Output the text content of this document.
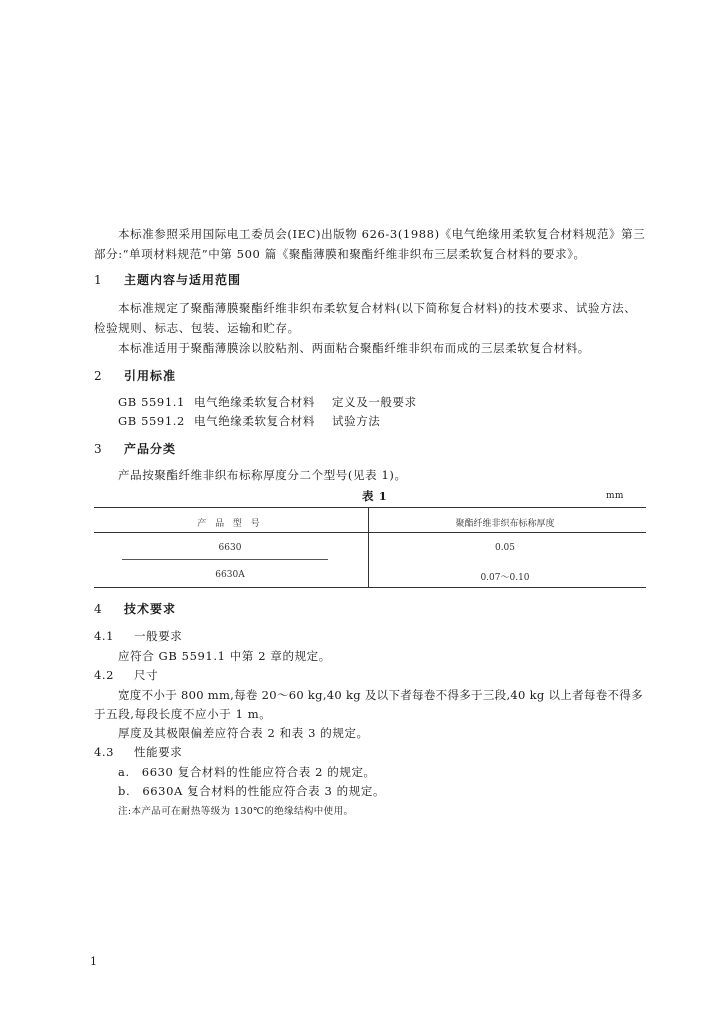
本标准参照采用国际电工委员会(IEC)出版物 626-3(1988)《电气绝缘用柔软复合材料规范》第三
部分:“单项材料规范”中第 500 篇《聚酯薄膜和聚酯纤维非织布三层柔软复合材料的要求》。
1 主题内容与适用范围
本标准规定了聚酯薄膜聚酯纤维非织布柔软复合材料(以下简称复合材料)的技术要求、试验方法、
检验规则、标志、包装、运输和贮存。
本标准适用于聚酯薄膜涂以胶粘剂、两面粘合聚酯纤维非织布而成的三层柔软复合材料。
2 引用标准
GB 5591.1 电气绝缘柔软复合材料 定义及一般要求
GB 5591.2 电气绝缘柔软复合材料 试验方法
3 产品分类
产品按聚酯纤维非织布标称厚度分二个型号(见表 1)。
表 1	mm
产 品 型 号	聚酯纤维非织布标称厚度
6630	0.05
6630A	0.07～0.10
4 技术要求
4.1 一般要求
应符合 GB 5591.1 中第 2 章的规定。
4.2 尺寸
宽度不小于 800 mm,每卷 20～60 kg,40 kg 及以下者每卷不得多于三段,40 kg 以上者每卷不得多
于五段,每段长度不应小于 1 m。
厚度及其极限偏差应符合表 2 和表 3 的规定。
4.3 性能要求
a.　6630 复合材料的性能应符合表 2 的规定。
b.　6630A 复合材料的性能应符合表 3 的规定。
注:本产品可在耐热等级为 130℃的绝缘结构中使用。
1
